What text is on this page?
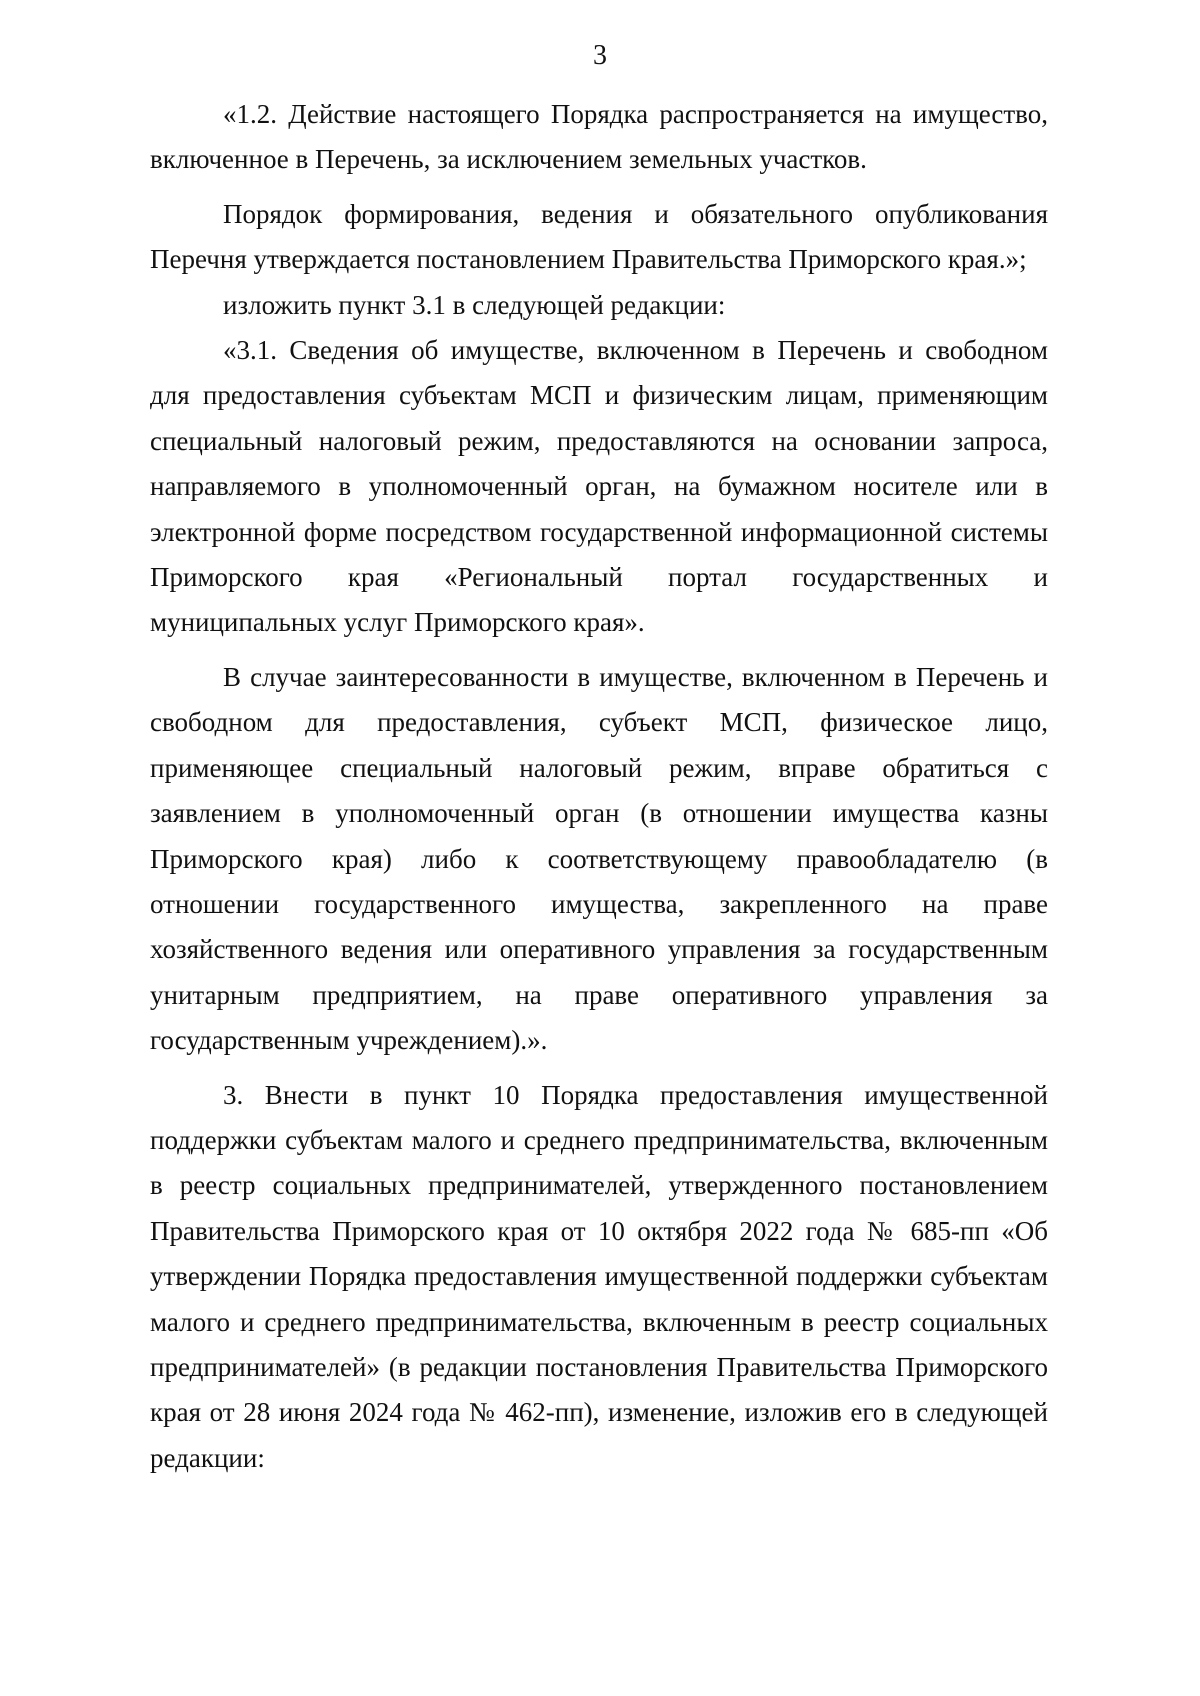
3

«1.2. Действие настоящего Порядка распространяется на имущество, включенное в Перечень, за исключением земельных участков.

Порядок формирования, ведения и обязательного опубликования Перечня утверждается постановлением Правительства Приморского края.»;

изложить пункт 3.1 в следующей редакции:

«3.1. Сведения об имуществе, включенном в Перечень и свободном для предоставления субъектам МСП и физическим лицам, применяющим специальный налоговый режим, предоставляются на основании запроса, направляемого в уполномоченный орган, на бумажном носителе или в электронной форме посредством государственной информационной системы Приморского края «Региональный портал государственных и муниципальных услуг Приморского края».

В случае заинтересованности в имуществе, включенном в Перечень и свободном для предоставления, субъект МСП, физическое лицо, применяющее специальный налоговый режим, вправе обратиться с заявлением в уполномоченный орган (в отношении имущества казны Приморского края) либо к соответствующему правообладателю (в отношении государственного имущества, закрепленного на праве хозяйственного ведения или оперативного управления за государственным унитарным предприятием, на праве оперативного управления за государственным учреждением).».

3. Внести в пункт 10 Порядка предоставления имущественной поддержки субъектам малого и среднего предпринимательства, включенным в реестр социальных предпринимателей, утвержденного постановлением Правительства Приморского края от 10 октября 2022 года № 685-пп «Об утверждении Порядка предоставления имущественной поддержки субъектам малого и среднего предпринимательства, включенным в реестр социальных предпринимателей» (в редакции постановления Правительства Приморского края от 28 июня 2024 года № 462-пп), изменение, изложив его в следующей редакции:
